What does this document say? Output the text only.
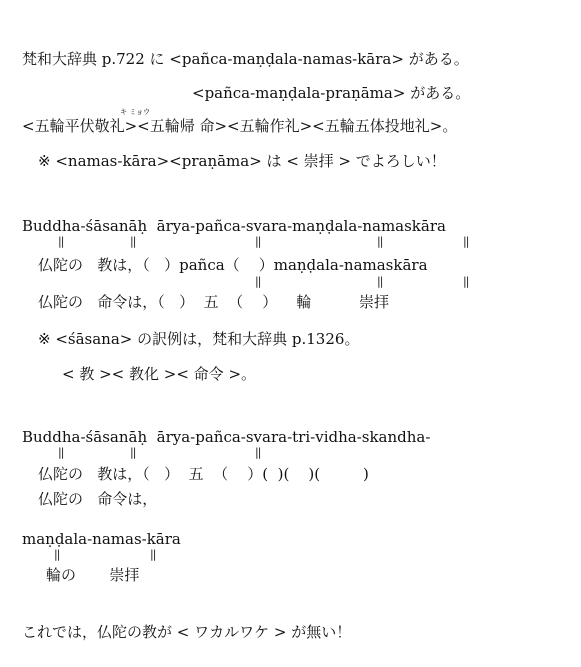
梵和大辞典 p.722 に <pañca-maṇḍala-namas-kāra> がある。
<pañca-maṇḍala-praṇāma> がある。
キ ミョウ
<五輪平伏敬礼><五輪帰 命><五輪作礼><五輪五体投地礼>。
※ <namas-kāra><praṇāma> は < 崇拝 > でよろしい！
Buddha-śāsanāḥ  ārya-pañca-svara-maṇḍala-namaskāra
||	||	||	||	||
仏陀の   教は，（   ）pañca（    ）maṇḍala-namaskāra
||	||	||
仏陀の   命令は，（   ）  五  （    ）    輪          崇拝
※ <śāsana> の訳例は，梵和大辞典 p.1326。
< 教 >< 教化 >< 命令 >。
Buddha-śāsanāḥ  ārya-pañca-svara-tri-vidha-skandha-
||	||	||
仏陀の   教は，（   ）  五  （    ）(  )(    )(         )
仏陀の   命令は，
maṇḍala-namas-kāra
||	||
輪の       崇拝
これでは，仏陀の教が < ワカルワケ > が無い！
